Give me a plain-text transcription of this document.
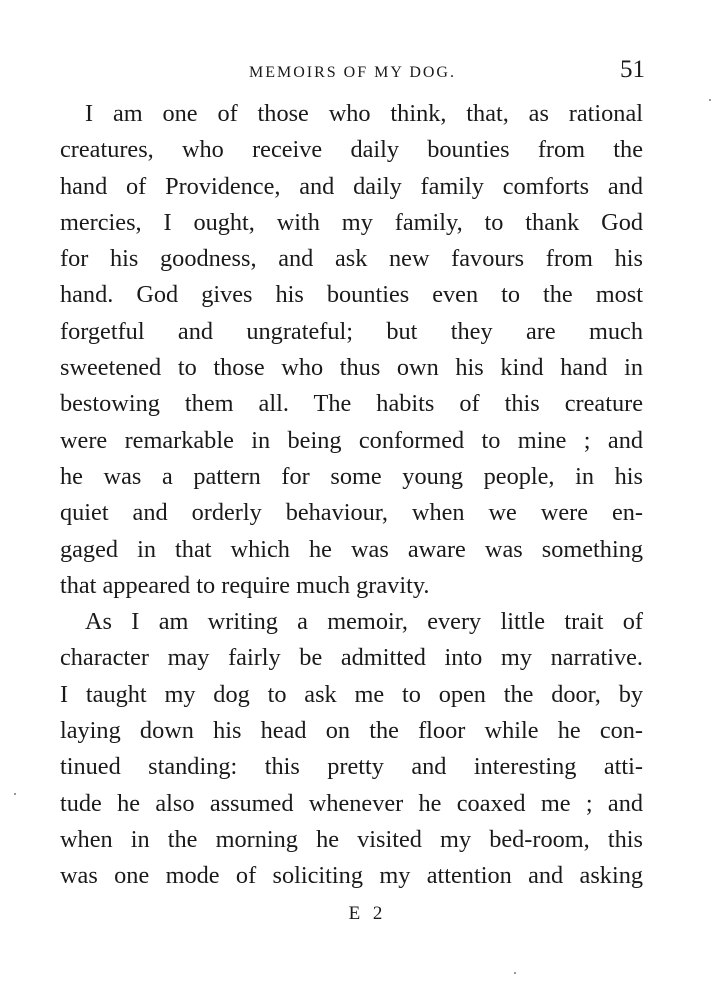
MEMOIRS OF MY DOG.	51
I am one of those who think, that, as rational
creatures, who receive daily bounties from the
hand of Providence, and daily family comforts and
mercies, I ought, with my family, to thank God
for his goodness, and ask new favours from his
hand. God gives his bounties even to the most
forgetful and ungrateful; but they are much
sweetened to those who thus own his kind hand in
bestowing them all. The habits of this creature
were remarkable in being conformed to mine ; and
he was a pattern for some young people, in his
quiet and orderly behaviour, when we were en-
gaged in that which he was aware was something
that appeared to require much gravity.
As I am writing a memoir, every little trait of
character may fairly be admitted into my narrative.
I taught my dog to ask me to open the door, by
laying down his head on the floor while he con-
tinued standing: this pretty and interesting atti-
tude he also assumed whenever he coaxed me ; and
when in the morning he visited my bed-room, this
was one mode of soliciting my attention and asking
E 2
